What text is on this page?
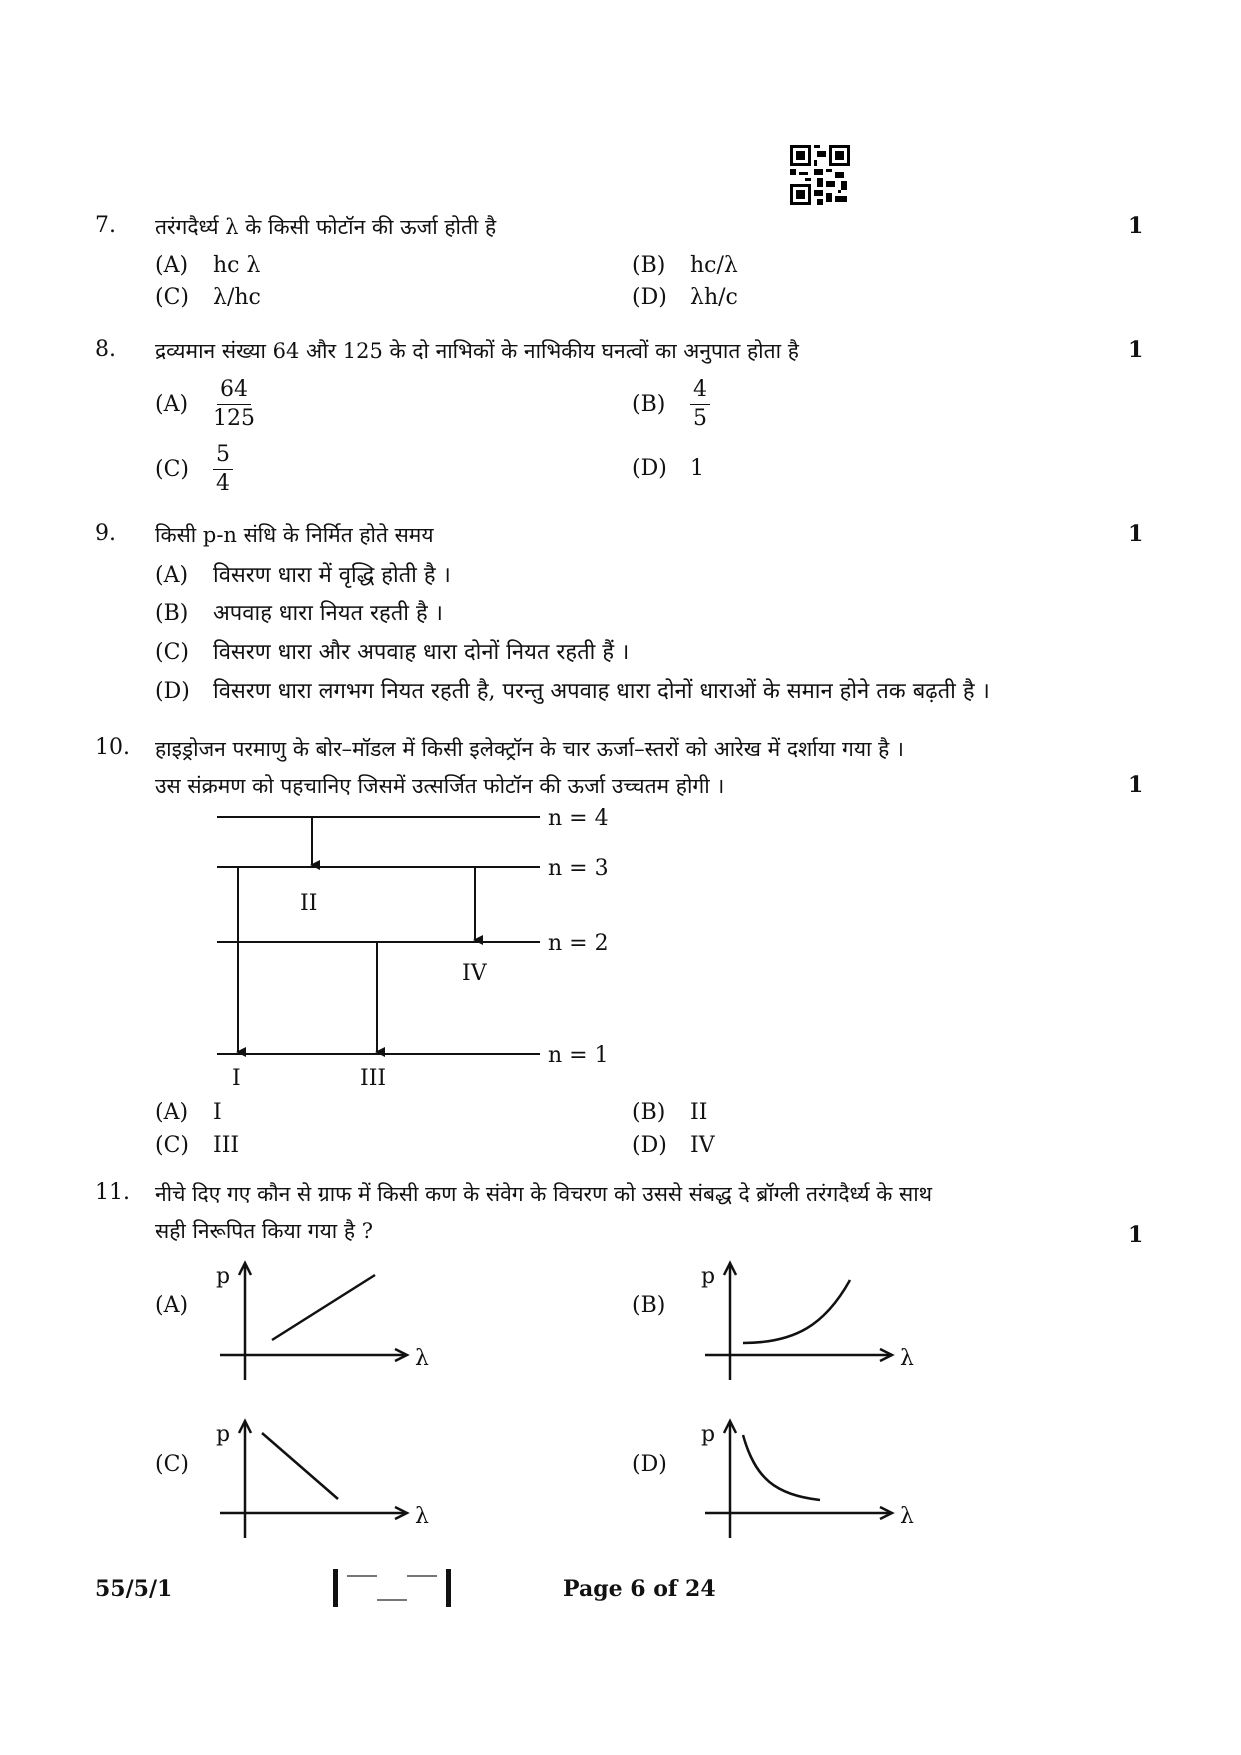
7. तरंगदैर्ध्य λ के किसी फोटॉन की ऊर्जा होती है	1
(A) hc λ	(B) hc/λ
(C) λ/hc	(D) λh/c
8. द्रव्यमान संख्या 64 और 125 के दो नाभिकों के नाभिकीय घनत्वों का अनुपात होता है	1
$(A) \frac{64}{125}$	$(B) \frac{4}{5}$
$(C) \frac{5}{4}$	(D) 1
9. किसी p-n संधि के निर्मित होते समय	1
(A) विसरण धारा में वृद्धि होती है ।
(B) अपवाह धारा नियत रहती है ।
(C) विसरण धारा और अपवाह धारा दोनों नियत रहती हैं ।
(D) विसरण धारा लगभग नियत रहती है, परन्तु अपवाह धारा दोनों धाराओं के समान होने तक बढ़ती है ।
10. हाइड्रोजन परमाणु के बोर–मॉडल में किसी इलेक्ट्रॉन के चार ऊर्जा–स्तरों को आरेख में दर्शाया गया है ।
उस संक्रमण को पहचानिए जिसमें उत्सर्जित फोटॉन की ऊर्जा उच्चतम होगी ।	1
n = 4
n = 3
n = 2
n = 1
II
IV
I	III
(A) I	(B) II
(C) III	(D) IV
11. नीचे दिए गए कौन से ग्राफ में किसी कण के संवेग के विचरण को उससे संबद्ध दे ब्रॉग्ली तरंगदैर्ध्य के साथ
सही निरूपित किया गया है ?	1
(A)
p
λ
(B)
p
λ
(C)
p
λ
(D)
p
λ
55/5/1	Page 6 of 24
